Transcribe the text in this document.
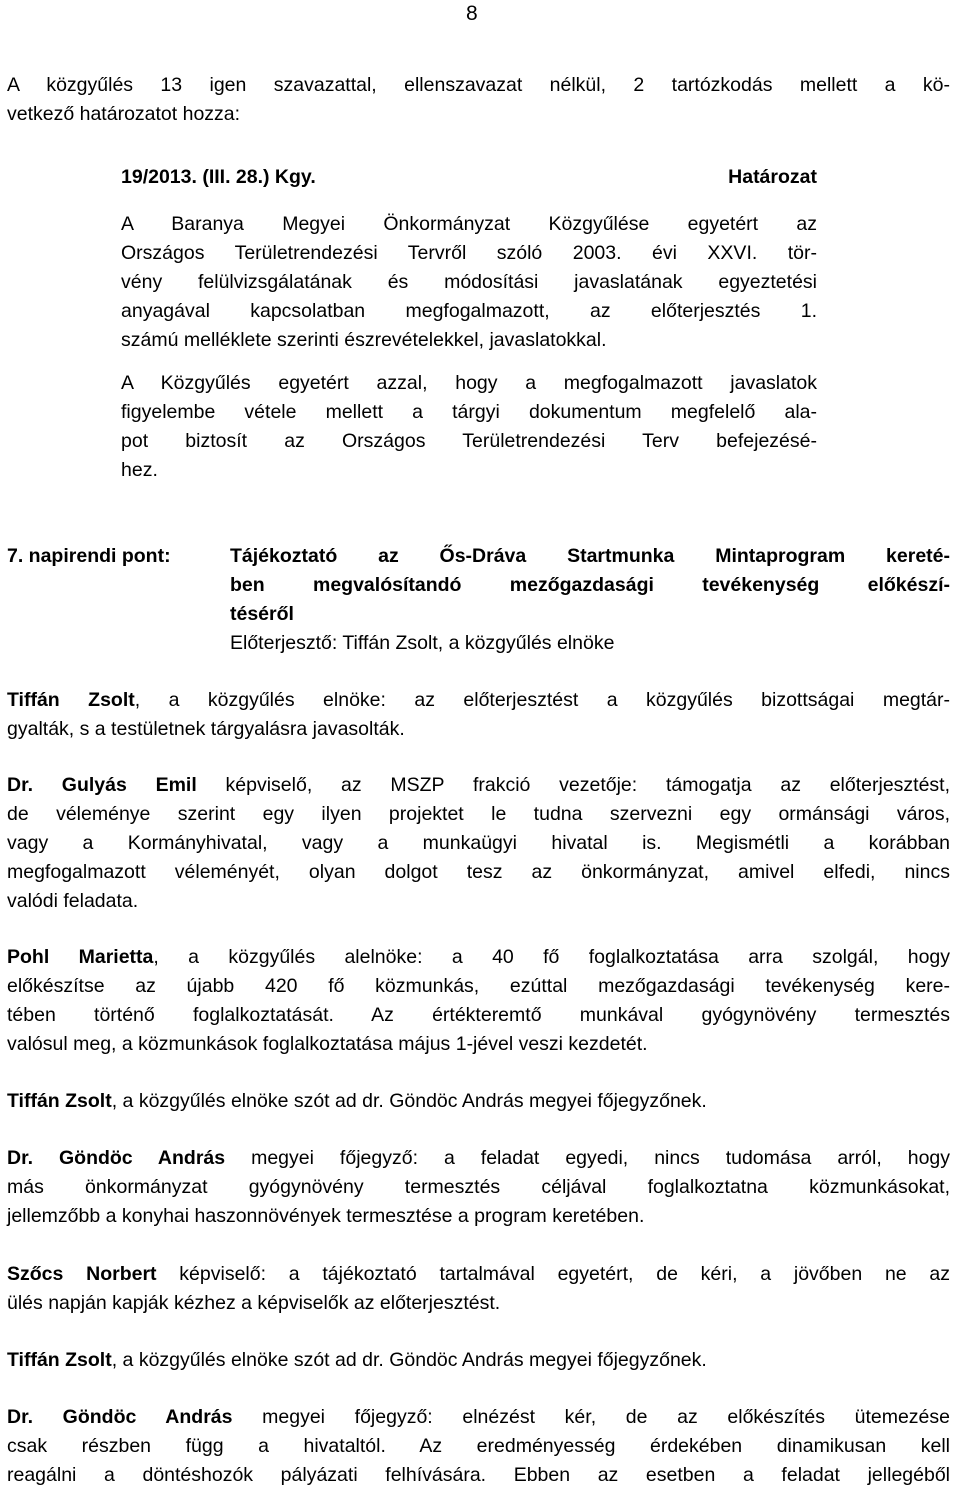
8
A közgyűlés 13 igen szavazattal, ellenszavazat nélkül, 2 tartózkodás mellett a kö-
vetkező határozatot hozza:
19/2013. (III. 28.) Kgy.	Határozat
A Baranya Megyei Önkormányzat Közgyűlése egyetért az
Országos Területrendezési Tervről szóló 2003. évi XXVI. tör-
vény felülvizsgálatának és módosítási javaslatának egyeztetési
anyagával kapcsolatban megfogalmazott, az előterjesztés 1.
számú melléklete szerinti észrevételekkel, javaslatokkal.
A Közgyűlés egyetért azzal, hogy a megfogalmazott javaslatok
figyelembe vétele mellett a tárgyi dokumentum megfelelő ala-
pot biztosít az Országos Területrendezési Terv befejezésé-
hez.
7. napirendi pont:	Tájékoztató az Ős-Dráva Startmunka Mintaprogram kereté-
ben megvalósítandó mezőgazdasági tevékenység előkészí-
téséről
Előterjesztő: Tiffán Zsolt, a közgyűlés elnöke
Tiffán Zsolt, a közgyűlés elnöke: az előterjesztést a közgyűlés bizottságai megtár-
gyalták, s a testületnek tárgyalásra javasolták.
Dr. Gulyás Emil képviselő, az MSZP frakció vezetője: támogatja az előterjesztést,
de véleménye szerint egy ilyen projektet le tudna szervezni egy ormánsági város,
vagy a Kormányhivatal, vagy a munkaügyi hivatal is. Megismétli a korábban
megfogalmazott véleményét, olyan dolgot tesz az önkormányzat, amivel elfedi, nincs
valódi feladata.
Pohl Marietta, a közgyűlés alelnöke: a 40 fő foglalkoztatása arra szolgál, hogy
előkészítse az újabb 420 fő közmunkás, ezúttal mezőgazdasági tevékenység kere-
tében történő foglalkoztatását. Az értékteremtő munkával gyógynövény termesztés
valósul meg, a közmunkások foglalkoztatása május 1-jével veszi kezdetét.
Tiffán Zsolt, a közgyűlés elnöke szót ad dr. Göndöc András megyei főjegyzőnek.
Dr. Göndöc András megyei főjegyző: a feladat egyedi, nincs tudomása arról, hogy
más önkormányzat gyógynövény termesztés céljával foglalkoztatna közmunkásokat,
jellemzőbb a konyhai haszonnövények termesztése a program keretében.
Szőcs Norbert képviselő: a tájékoztató tartalmával egyetért, de kéri, a jövőben ne az
ülés napján kapják kézhez a képviselők az előterjesztést.
Tiffán Zsolt, a közgyűlés elnöke szót ad dr. Göndöc András megyei főjegyzőnek.
Dr. Göndöc András megyei főjegyző: elnézést kér, de az előkészítés ütemezése
csak részben függ a hivataltól. Az eredményesség érdekében dinamikusan kell
reagálni a döntéshozók pályázati felhívására. Ebben az esetben a feladat jellegéből
